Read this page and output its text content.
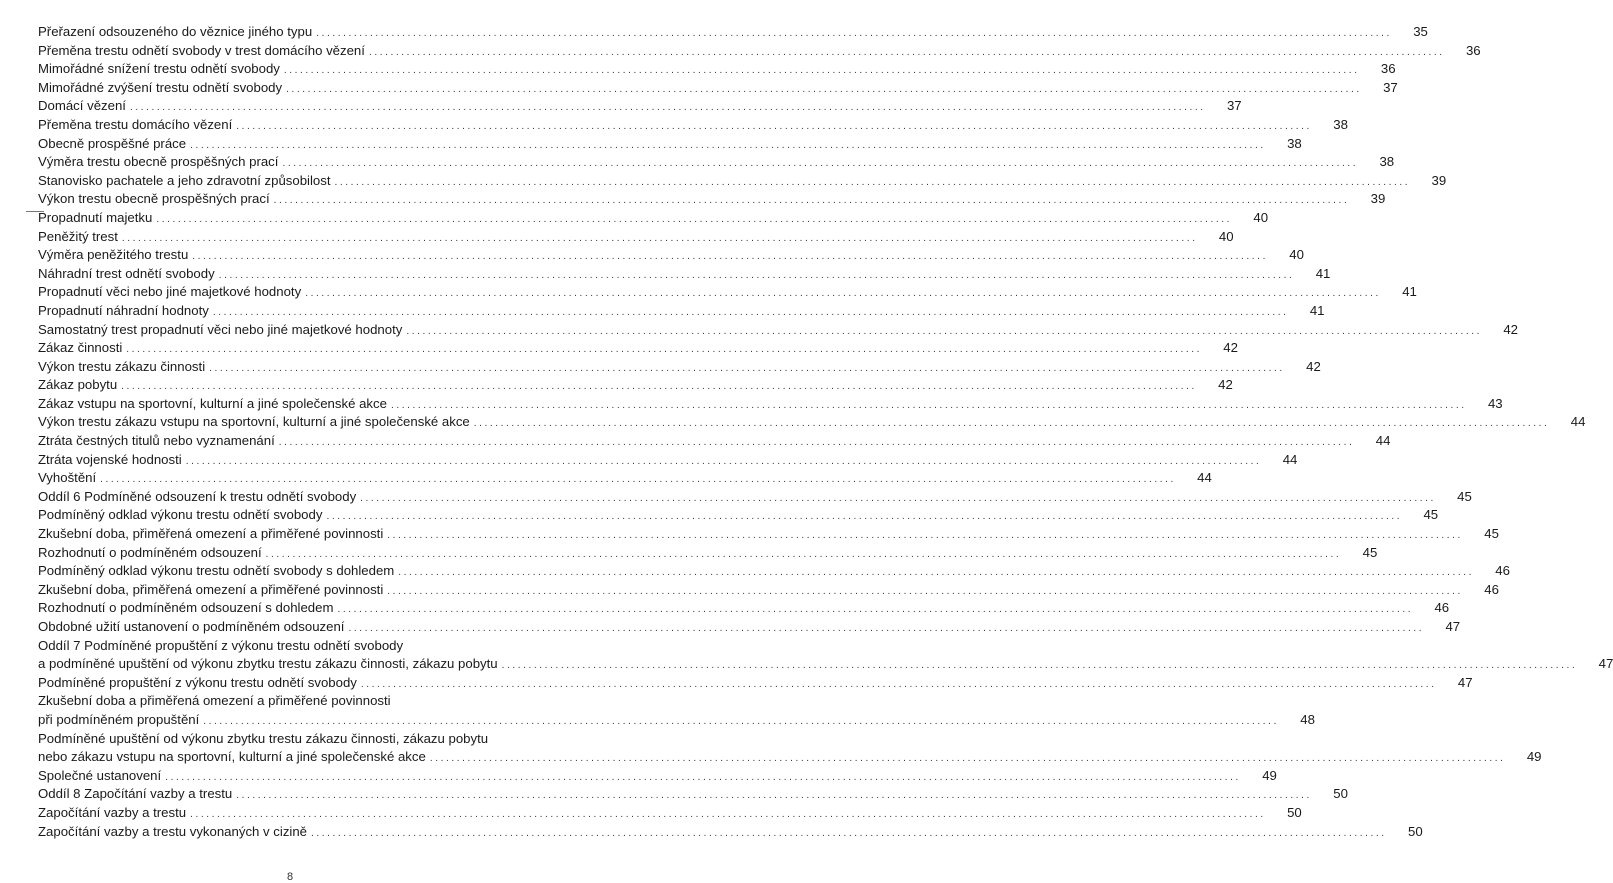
Přeřazení odsouzeného do věznice jiného typu ........................................................................................................................................................................................................	35
Přeměna trestu odnětí svobody v trest domácího vězení ........................................................................................................................................................................................................	36
Mimořádné snížení trestu odnětí svobody ........................................................................................................................................................................................................	36
Mimořádné zvýšení trestu odnětí svobody ........................................................................................................................................................................................................	37
Domácí vězení ........................................................................................................................................................................................................	37
Přeměna trestu domácího vězení ........................................................................................................................................................................................................	38
Obecně prospěšné práce ........................................................................................................................................................................................................	38
Výměra trestu obecně prospěšných prací ........................................................................................................................................................................................................	38
Stanovisko pachatele a jeho zdravotní způsobilost ........................................................................................................................................................................................................	39
Výkon trestu obecně prospěšných prací ........................................................................................................................................................................................................	39
Propadnutí majetku ........................................................................................................................................................................................................	40
Peněžitý trest ........................................................................................................................................................................................................	40
Výměra peněžitého trestu ........................................................................................................................................................................................................	40
Náhradní trest odnětí svobody ........................................................................................................................................................................................................	41
Propadnutí věci nebo jiné majetkové hodnoty ........................................................................................................................................................................................................	41
Propadnutí náhradní hodnoty ........................................................................................................................................................................................................	41
Samostatný trest propadnutí věci nebo jiné majetkové hodnoty ........................................................................................................................................................................................................	42
Zákaz činnosti ........................................................................................................................................................................................................	42
Výkon trestu zákazu činnosti ........................................................................................................................................................................................................	42
Zákaz pobytu ........................................................................................................................................................................................................	42
Zákaz vstupu na sportovní, kulturní a jiné společenské akce ........................................................................................................................................................................................................	43
Výkon trestu zákazu vstupu na sportovní, kulturní a jiné společenské akce ........................................................................................................................................................................................................	44
Ztráta čestných titulů nebo vyznamenání ........................................................................................................................................................................................................	44
Ztráta vojenské hodnosti ........................................................................................................................................................................................................	44
Vyhoštění ........................................................................................................................................................................................................	44
Oddíl 6 Podmíněné odsouzení k trestu odnětí svobody ........................................................................................................................................................................................................	45
Podmíněný odklad výkonu trestu odnětí svobody ........................................................................................................................................................................................................	45
Zkušební doba, přiměřená omezení a přiměřené povinnosti ........................................................................................................................................................................................................	45
Rozhodnutí o podmíněném odsouzení ........................................................................................................................................................................................................	45
Podmíněný odklad výkonu trestu odnětí svobody s dohledem ........................................................................................................................................................................................................	46
Zkušební doba, přiměřená omezení a přiměřené povinnosti ........................................................................................................................................................................................................	46
Rozhodnutí o podmíněném odsouzení s dohledem ........................................................................................................................................................................................................	46
Obdobné užití ustanovení o podmíněném odsouzení ........................................................................................................................................................................................................	47
Oddíl 7 Podmíněné propuštění z výkonu trestu odnětí svobody
a podmíněné upuštění od výkonu zbytku trestu zákazu činnosti, zákazu pobytu ........................................................................................................................................................................................................	47
Podmíněné propuštění z výkonu trestu odnětí svobody ........................................................................................................................................................................................................	47
Zkušební doba a přiměřená omezení a přiměřené povinnosti
při podmíněném propuštění ........................................................................................................................................................................................................	48
Podmíněné upuštění od výkonu zbytku trestu zákazu činnosti, zákazu pobytu
nebo zákazu vstupu na sportovní, kulturní a jiné společenské akce ........................................................................................................................................................................................................	49
Společné ustanovení ........................................................................................................................................................................................................	49
Oddíl 8 Započítání vazby a trestu ........................................................................................................................................................................................................	50
Započítání vazby a trestu ........................................................................................................................................................................................................	50
Započítání vazby a trestu vykonaných v cizině ........................................................................................................................................................................................................	50
8
